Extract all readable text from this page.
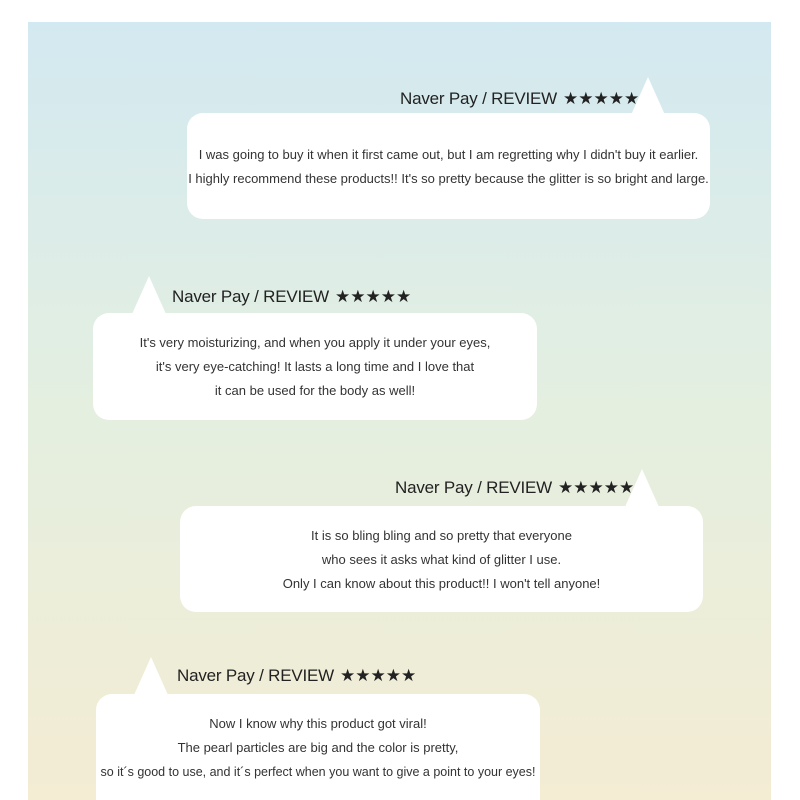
Naver Pay / REVIEW ★★★★★
I was going to buy it when it first came out, but I am regretting why I didn't buy it earlier.
I highly recommend these products!! It's so pretty because the glitter is so bright and large.
Naver Pay / REVIEW ★★★★★
It's very moisturizing, and when you apply it under your eyes,
it's very eye-catching! It lasts a long time and I love that
it can be used for the body as well!
Naver Pay / REVIEW ★★★★★
It is so bling bling and so pretty that everyone
who sees it asks what kind of glitter I use.
Only I can know about this product!! I won't tell anyone!
Naver Pay / REVIEW ★★★★★
Now I know why this product got viral!
The pearl particles are big and the color is pretty,
so it´s good to use, and it´s perfect when you want to give a point to your eyes!
